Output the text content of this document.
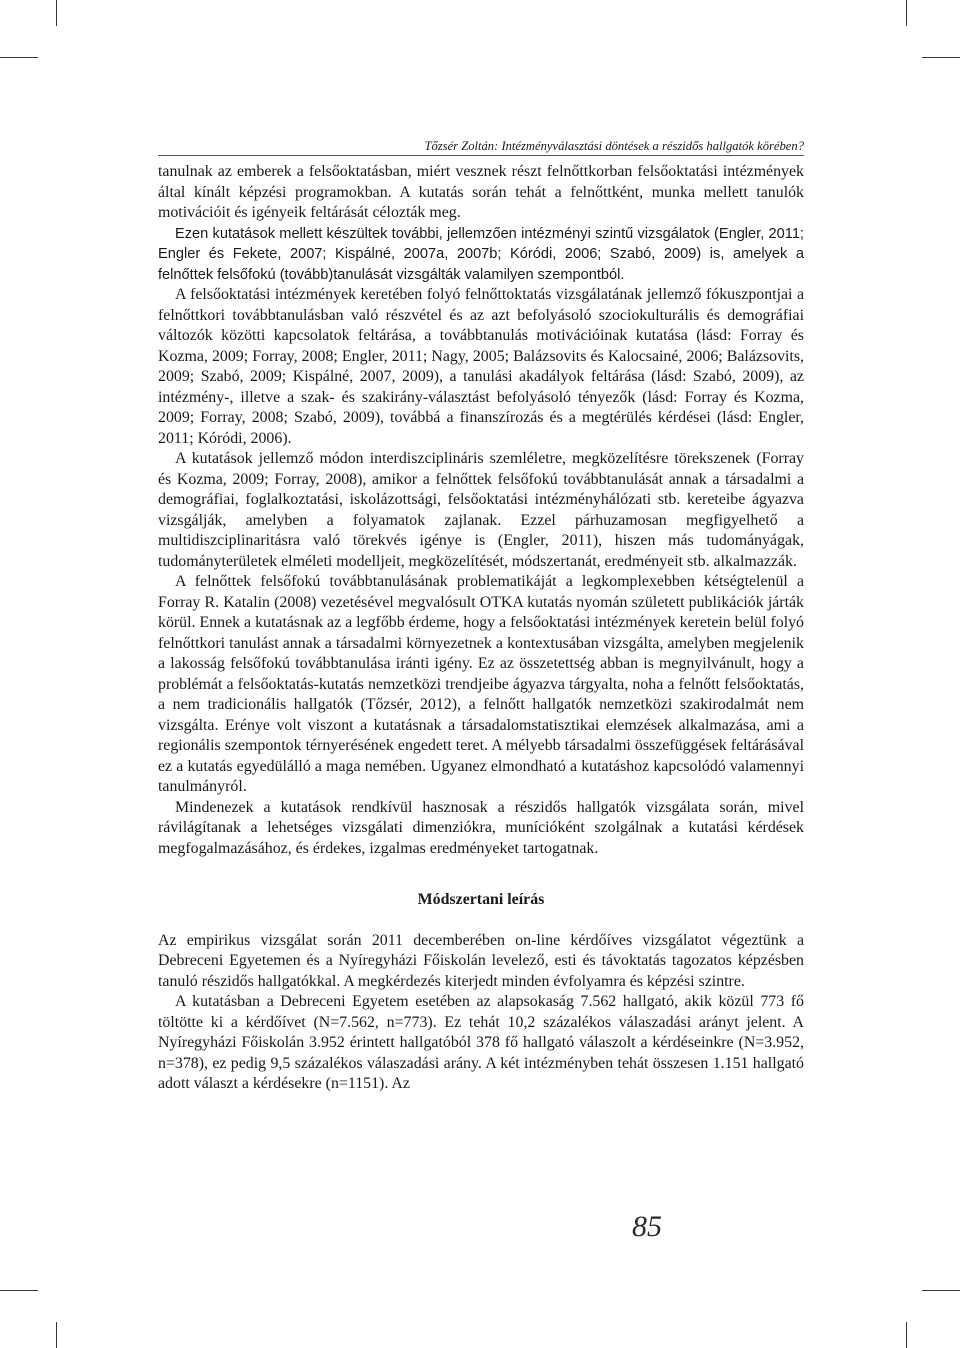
Tőzsér Zoltán: Intézményválasztási döntések a részidős hallgatók körében?

tanulnak az emberek a felsőoktatásban, miért vesznek részt felnőttkorban felsőoktatási intézmények által kínált képzési programokban. A kutatás során tehát a felnőttként, munka mellett tanulók motivációit és igényeik feltárását célozták meg.

Ezen kutatások mellett készültek további, jellemzően intézményi szintű vizsgálatok (Engler, 2011; Engler és Fekete, 2007; Kispálné, 2007a, 2007b; Kóródi, 2006; Szabó, 2009) is, amelyek a felnőttek felsőfokú (tovább)tanulását vizsgálták valamilyen szempontból.

A felsőoktatási intézmények keretében folyó felnőttoktatás vizsgálatának jellemző fókuszpontjai a felnőttkori továbbtanulásban való részvétel és az azt befolyásoló szociokulturális és demográfiai változók közötti kapcsolatok feltárása, a továbbtanulás motivációinak kutatása (lásd: Forray és Kozma, 2009; Forray, 2008; Engler, 2011; Nagy, 2005; Balázsovits és Kalocsainé, 2006; Balázsovits, 2009; Szabó, 2009; Kispálné, 2007, 2009), a tanulási akadályok feltárása (lásd: Szabó, 2009), az intézmény-, illetve a szak- és szakirány-választást befolyásoló tényezők (lásd: Forray és Kozma, 2009; Forray, 2008; Szabó, 2009), továbbá a finanszírozás és a megtérülés kérdései (lásd: Engler, 2011; Kóródi, 2006).

A kutatások jellemző módon interdiszciplináris szemléletre, megközelítésre törekszenek (Forray és Kozma, 2009; Forray, 2008), amikor a felnőttek felsőfokú továbbtanulását annak a társadalmi a demográfiai, foglalkoztatási, iskolázottsági, felsőoktatási intézményhálózati stb. kereteibe ágyazva vizsgálják, amelyben a folyamatok zajlanak. Ezzel párhuzamosan megfigyelhető a multidiszciplinaritásra való törekvés igénye is (Engler, 2011), hiszen más tudományágak, tudományterületek elméleti modelljeit, megközelítését, módszertanát, eredményeit stb. alkalmazzák.

A felnőttek felsőfokú továbbtanulásának problematikáját a legkomplexebben kétségtelenül a Forray R. Katalin (2008) vezetésével megvalósult OTKA kutatás nyomán született publikációk járták körül. Ennek a kutatásnak az a legfőbb érdeme, hogy a felsőoktatási intézmények keretein belül folyó felnőttkori tanulást annak a társadalmi környezetnek a kontextusában vizsgálta, amelyben megjelenik a lakosság felsőfokú továbbtanulása iránti igény. Ez az összetettség abban is megnyilvánult, hogy a problémát a felsőoktatás-kutatás nemzetközi trendjeibe ágyazva tárgyalta, noha a felnőtt felsőoktatás, a nem tradicionális hallgatók (Tőzsér, 2012), a felnőtt hallgatók nemzetközi szakirodalmát nem vizsgálta. Erénye volt viszont a kutatásnak a társadalomstatisztikai elemzések alkalmazása, ami a regionális szempontok térnyerésének engedett teret. A mélyebb társadalmi összefüggések feltárásával ez a kutatás egyedülálló a maga nemében. Ugyanez elmondható a kutatáshoz kapcsolódó valamennyi tanulmányról.

Mindenezek a kutatások rendkívül hasznosak a részidős hallgatók vizsgálata során, mivel rávilágítanak a lehetséges vizsgálati dimenziókra, munícióként szolgálnak a kutatási kérdések megfogalmazásához, és érdekes, izgalmas eredményeket tartogatnak.

Módszertani leírás

Az empirikus vizsgálat során 2011 decemberében on-line kérdőíves vizsgálatot végeztünk a Debreceni Egyetemen és a Nyíregyházi Főiskolán levelező, esti és távoktatás tagozatos képzésben tanuló részidős hallgatókkal. A megkérdezés kiterjedt minden évfolyamra és képzési szintre.

A kutatásban a Debreceni Egyetem esetében az alapsokaság 7.562 hallgató, akik közül 773 fő töltötte ki a kérdőívet (N=7.562, n=773). Ez tehát 10,2 százalékos válaszadási arányt jelent. A Nyíregyházi Főiskolán 3.952 érintett hallgatóból 378 fő hallgató válaszolt a kérdéseinkre (N=3.952, n=378), ez pedig 9,5 százalékos válaszadási arány. A két intézményben tehát összesen 1.151 hallgató adott választ a kérdésekre (n=1151). Az

85
